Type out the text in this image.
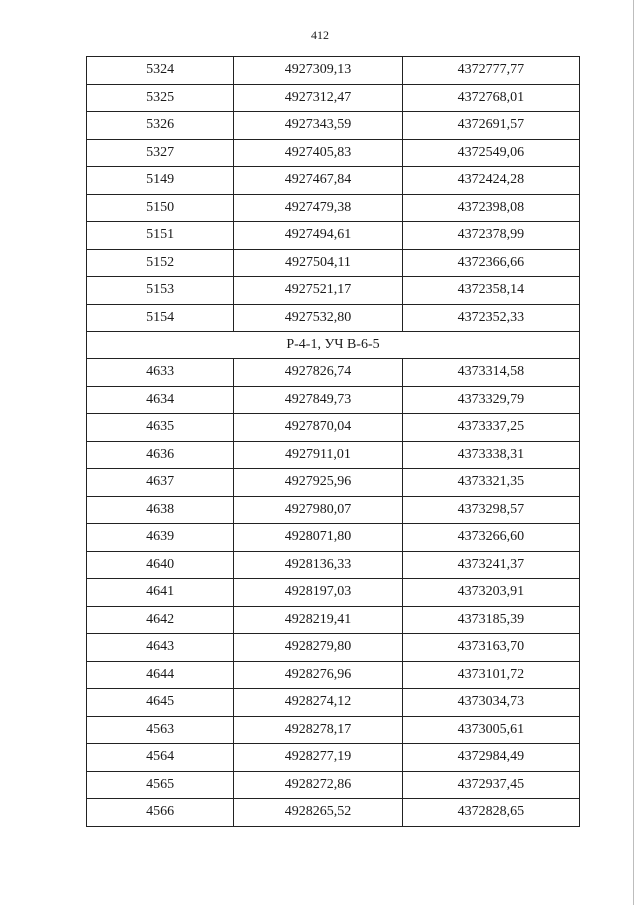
412
5324	4927309,13	4372777,77
5325	4927312,47	4372768,01
5326	4927343,59	4372691,57
5327	4927405,83	4372549,06
5149	4927467,84	4372424,28
5150	4927479,38	4372398,08
5151	4927494,61	4372378,99
5152	4927504,11	4372366,66
5153	4927521,17	4372358,14
5154	4927532,80	4372352,33
Р-4-1, УЧ В-6-5		
4633	4927826,74	4373314,58
4634	4927849,73	4373329,79
4635	4927870,04	4373337,25
4636	4927911,01	4373338,31
4637	4927925,96	4373321,35
4638	4927980,07	4373298,57
4639	4928071,80	4373266,60
4640	4928136,33	4373241,37
4641	4928197,03	4373203,91
4642	4928219,41	4373185,39
4643	4928279,80	4373163,70
4644	4928276,96	4373101,72
4645	4928274,12	4373034,73
4563	4928278,17	4373005,61
4564	4928277,19	4372984,49
4565	4928272,86	4372937,45
4566	4928265,52	4372828,65
